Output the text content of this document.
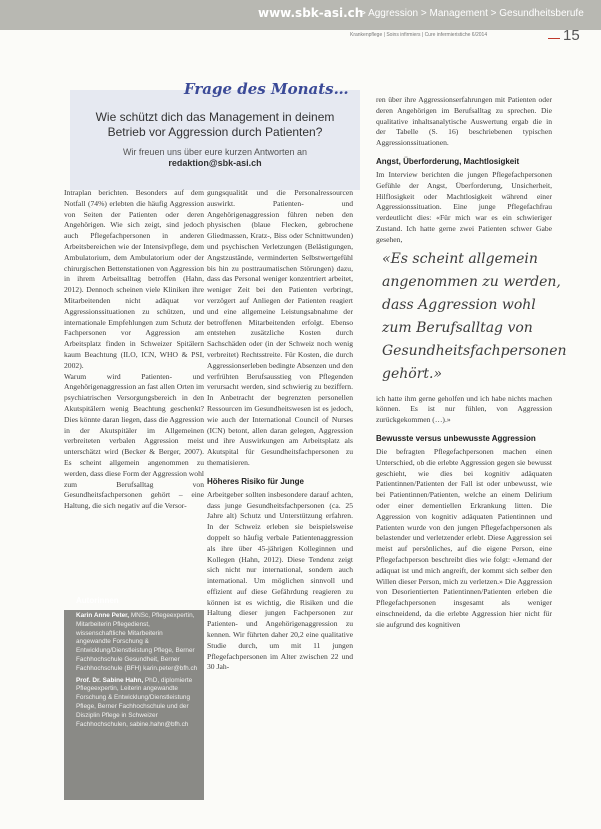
www.sbk-asi.ch
> Aggression > Management > Gesundheitsberufe
Krankenpflege | Soins infirmiers | Cure infermieristiche 6/2014	15
Frage des Monats…
Wie schützt dich das Management in deinem Betrieb vor Aggression durch Patienten?
Wir freuen uns über eure kurzen Antworten an
redaktion@sbk-asi.ch

Intraplan berichten. Besonders auf dem Notfall (74%) erlebten die häufig Aggression von Seiten der Patienten oder deren Angehörigen. Wie sich zeigt, sind jedoch auch Pflegefachpersonen in anderen Arbeitsbereichen wie der Intensivpflege, dem Ambulatorium, dem Ambulatorium oder der chirurgischen Bettenstationen von Aggression in ihrem Arbeitsalltag betroffen (Hahn, 2012). Dennoch scheinen viele Kliniken ihre Mitarbeitenden nicht adäquat vor Aggressionssituationen zu schützen, und internationale Empfehlungen zum Schutz der Fachpersonen vor Aggression am Arbeitsplatz finden in Schweizer Spitälern kaum Beachtung (ILO, ICN, WHO & PSI, 2002).

Warum wird Patienten- und Angehörigenaggression an fast allen Orten im psychiatrischen Versorgungsbereich in den Akutspitälern wenig Beachtung geschenkt? Dies könnte daran liegen, dass die Aggression in der Akutspitäler im Allgemeinen verbreiteten verbalen Aggression meist unterschätzt wird (Becker & Berger, 2007). Es scheint allgemein angenommen zu werden, dass diese Form der Aggression wohl zum Berufsalltag von Gesundheitsfachpersonen gehört – eine Haltung, die sich negativ auf die Versor-

Autorinnen

Karin Anne Peter, MNSc, Pflegeexpertin, Mitarbeiterin Pflegedienst, wissenschaftliche Mitarbeiterin angewandte Forschung & Entwicklung/Dienstleistung Pflege, Berner Fachhochschule Gesundheit, Berner Fachhochschule (BFH) karin.peter@bfh.ch

Prof. Dr. Sabine Hahn, PhD, diplomierte Pflegeexpertin, Leiterin angewandte Forschung & Entwicklung/Dienstleistung Pflege, Berner Fachhochschule und der Disziplin Pflege in Schweizer Fachhochschulen, sabine.hahn@bfh.ch

gungsqualität und die Personalressourcen auswirkt. Patienten- und Angehörigenaggression führen neben den physischen (blaue Flecken, gebrochene Gliedmassen, Kratz-, Biss oder Schnittwunden) und psychischen Verletzungen (Belästigungen, Angstzustände, verminderten Selbstwertgefühl bis hin zu posttraumatischen Störungen) dazu, dass das Personal weniger konzentriert arbeitet, weniger Zeit bei den Patienten verbringt, verzögert auf Anliegen der Patienten reagiert und eine allgemeine Leistungsabnahme der betroffenen Mitarbeitenden erfolgt. Ebenso entstehen zusätzliche Kosten durch Sachschäden oder (in der Schweiz noch wenig verbreitet) Rechtsstreite. Für Kosten, die durch Aggressionserleben bedingte Absenzen und den verfrühten Berufsausstieg von Pflegenden verursacht werden, sind schwierig zu beziffern. In Anbetracht der begrenzten personellen Ressourcen im Gesundheitswesen ist es jedoch, wie auch der International Council of Nurses (ICN) betont, allen daran gelegen, Aggression und ihre Auswirkungen am Arbeitsplatz als Akutspital für Gesundheitsfachpersonen zu thematisieren.

Höheres Risiko für Junge

Arbeitgeber sollten insbesondere darauf achten, dass junge Gesundheitsfachpersonen (ca. 25 Jahre alt) Schutz und Unterstützung erfahren. In der Schweiz erleben sie beispielsweise doppelt so häufig verbale Patientenaggression als ihre über 45-jährigen Kolleginnen und Kollegen (Hahn, 2012). Diese Tendenz zeigt sich nicht nur international, sondern auch international. Um möglichen sinnvoll und effizient auf diese Gefährdung reagieren zu können ist es wichtig, die Risiken und die Haltung dieser jungen Fachpersonen zur Patienten- und Angehörigenaggression zu kennen. Wir führten daher 20,2 eine qualitative Studie durch, um mit 11 jungen Pflegefachpersonen im Alter zwischen 22 und 30 Jah-

ren über ihre Aggressionserfahrungen mit Patienten oder deren Angehörigen im Berufsalltag zu sprechen. Die qualitative inhaltsanalytische Auswertung ergab die in der Tabelle (S. 16) beschriebenen typischen Aggressionssituationen.

Angst, Überforderung, Machtlosigkeit

Im Interview berichten die jungen Pflegefachpersonen Gefühle der Angst, Überforderung, Unsicherheit, Hilflosigkeit oder Machtlosigkeit während einer Aggressionssituation. Eine junge Pflegefachfrau verdeutlicht dies: «Für mich war es ein schwieriger Zustand. Ich hatte gerne zwei Patienten schwer Gabe gesehen,

ich hatte ihm gerne geholfen und ich habe nichts machen können. Es ist nur fühlen, von Aggression zurückgekommen (…).»

Bewusste versus unbewusste Aggression

Die befragten Pflegefachpersonen machen einen Unterschied, ob die erlebte Aggression gegen sie bewusst geschieht, wie dies bei kognitiv adäquaten Patientinnen/Patienten der Fall ist oder unbewusst, wie bei Patientinnen/Patienten, welche an einem Delirium oder einer dementiellen Erkrankung litten. Die Aggression von kognitiv adäquaten Patientinnen und Patienten wurde von den jungen Pflegefachpersonen als belastender und verletzender erlebt. Diese Aggression sei meist auf persönliches, auf die eigene Person, eine Pflegefachperson beschreibt dies wie folgt: «Jemand der adäquat ist und mich angreift, der kommt sich selber den Willen dieser Person, mich zu verletzen.» Die Aggression von Desorientierten Patientinnen/Patienten erleben die Pflegefachpersonen insgesamt als weniger einschneidend, da die erlebte Aggression hier nicht für sie aufgrund des kognitiven

«Es scheint allgemein angenommen zu werden, dass Aggression wohl zum Berufsalltag von Gesundheitsfachpersonen gehört.»
